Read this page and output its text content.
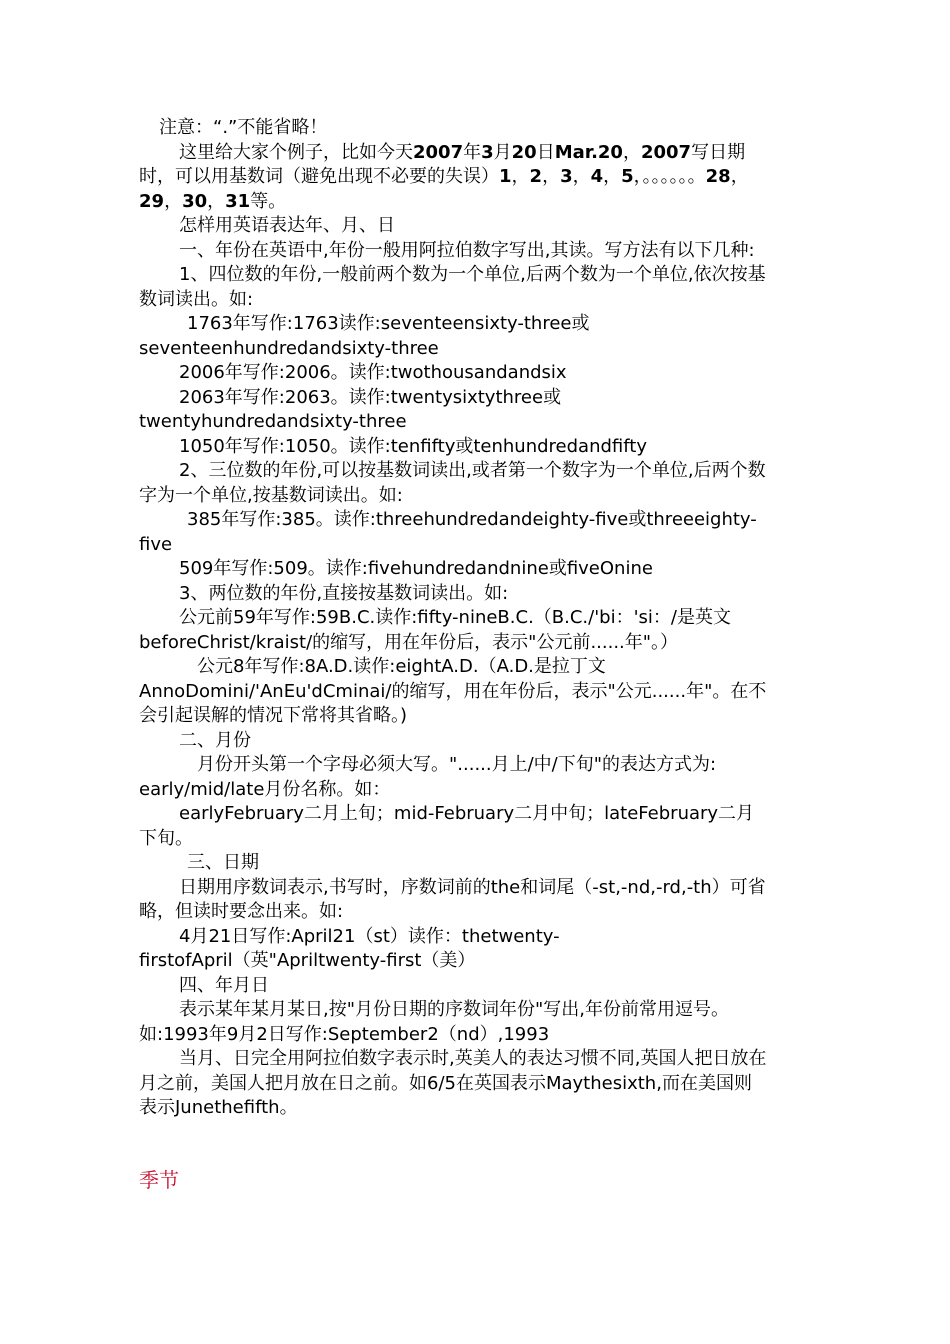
注意：“.”不能省略！

这里给大家个例子，比如今天2007年3月20日Mar.20，2007写日期

时，可以用基数词（避免出现不必要的失误）1，2，3，4，5，。。。。。。28，

29，30，31等。

怎样用英语表达年、月、日

一、年份在英语中,年份一般用阿拉伯数字写出,其读。写方法有以下几种:

1、四位数的年份,一般前两个数为一个单位,后两个数为一个单位,依次按基

数词读出。如:

1763年写作:1763读作:seventeensixty-three或

seventeenhundredandsixty-three

2006年写作:2006。读作:twothousandandsix

2063年写作:2063。读作:twentysixtythree或

twentyhundredandsixty-three

1050年写作:1050。读作:tenfifty或tenhundredandfifty

2、三位数的年份,可以按基数词读出,或者第一个数字为一个单位,后两个数

字为一个单位,按基数词读出。如:

385年写作:385。读作:threehundredandeighty-five或threeeighty-

five

509年写作:509。读作:fivehundredandnine或fiveOnine

3、两位数的年份,直接按基数词读出。如:

公元前59年写作:59B.C.读作:fifty-nineB.C.（B.C./'bi：'si：/是英文

beforeChrist/kraist/的缩写，用在年份后，表示"公元前......年"。）

公元8年写作:8A.D.读作:eightA.D.（A.D.是拉丁文

AnnoDomini/'AnEu'dCminai/的缩写，用在年份后，表示"公元......年"。在不

会引起误解的情况下常将其省略。)

二、月份

月份开头第一个字母必须大写。"......月上/中/下旬"的表达方式为:

early/mid/late月份名称。如：

earlyFebruary二月上旬；mid-February二月中旬；lateFebruary二月

下旬。

三、日期

日期用序数词表示,书写时，序数词前的the和词尾（-st,-nd,-rd,-th）可省

略，但读时要念出来。如:

4月21日写作:April21（st）读作：thetwenty-

firstofApril（英"Apriltwenty-first（美）

四、年月日

表示某年某月某日,按"月份日期的序数词年份"写出,年份前常用逗号。

如:1993年9月2日写作:September2（nd）,1993

当月、日完全用阿拉伯数字表示时,英美人的表达习惯不同,英国人把日放在

月之前，美国人把月放在日之前。如6/5在英国表示Maythesixth,而在美国则

表示Junethefifth。

季节
